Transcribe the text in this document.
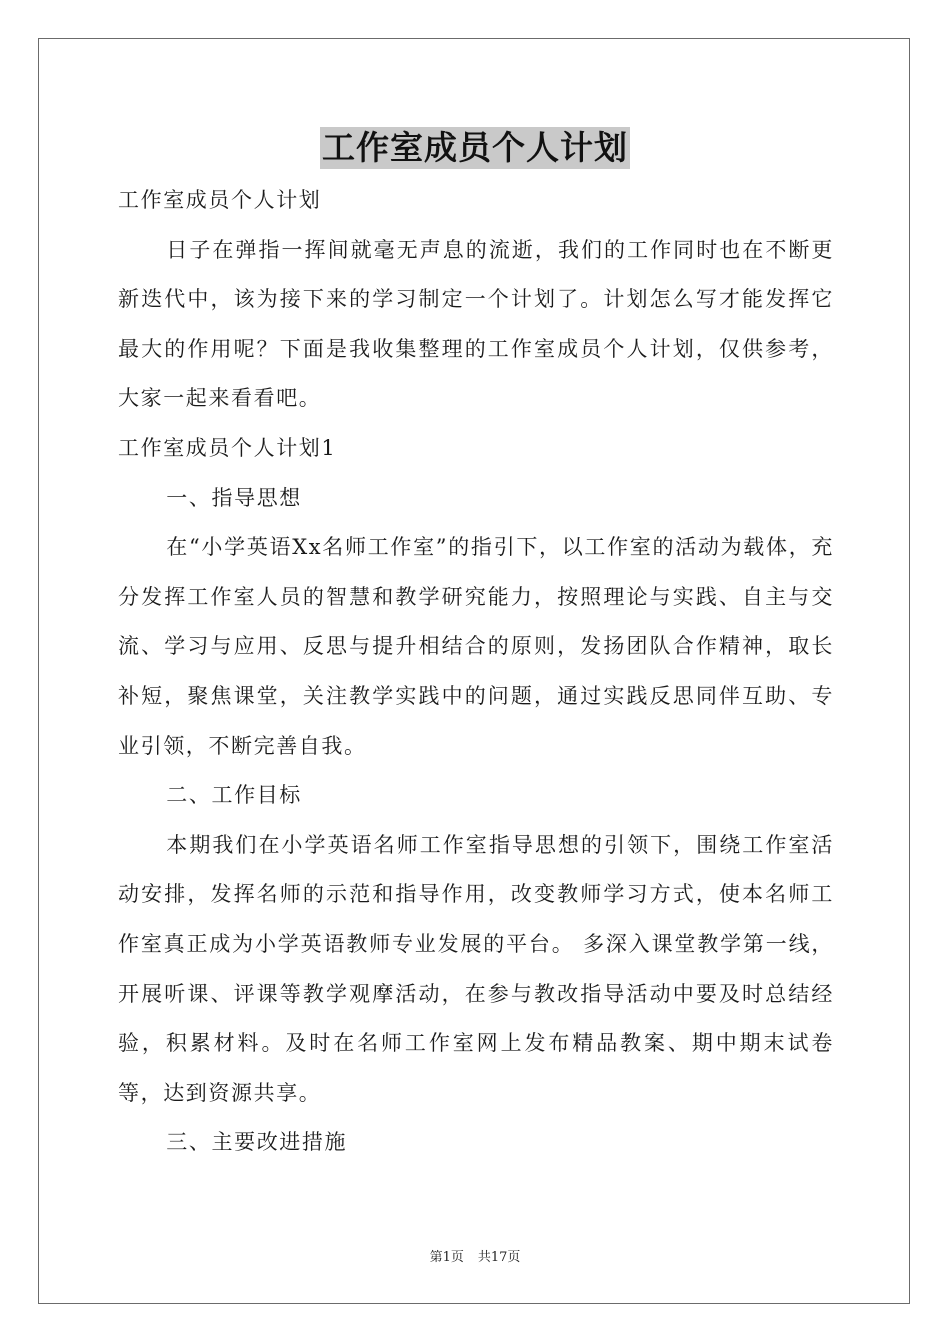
工作室成员个人计划

工作室成员个人计划

日子在弹指一挥间就毫无声息的流逝，我们的工作同时也在不断更新迭代中，该为接下来的学习制定一个计划了。计划怎么写才能发挥它最大的作用呢？下面是我收集整理的工作室成员个人计划，仅供参考，大家一起来看看吧。

工作室成员个人计划1

一、指导思想

在“小学英语Xx名师工作室”的指引下，以工作室的活动为载体，充分发挥工作室人员的智慧和教学研究能力，按照理论与实践、自主与交流、学习与应用、反思与提升相结合的原则，发扬团队合作精神，取长补短，聚焦课堂，关注教学实践中的问题，通过实践反思同伴互助、专业引领，不断完善自我。

二、工作目标

本期我们在小学英语名师工作室指导思想的引领下，围绕工作室活动安排，发挥名师的示范和指导作用，改变教师学习方式，使本名师工作室真正成为小学英语教师专业发展的平台。 多深入课堂教学第一线，开展听课、评课等教学观摩活动，在参与教改指导活动中要及时总结经验，积累材料。及时在名师工作室网上发布精品教案、期中期末试卷等，达到资源共享。

三、主要改进措施

第1页 共17页
